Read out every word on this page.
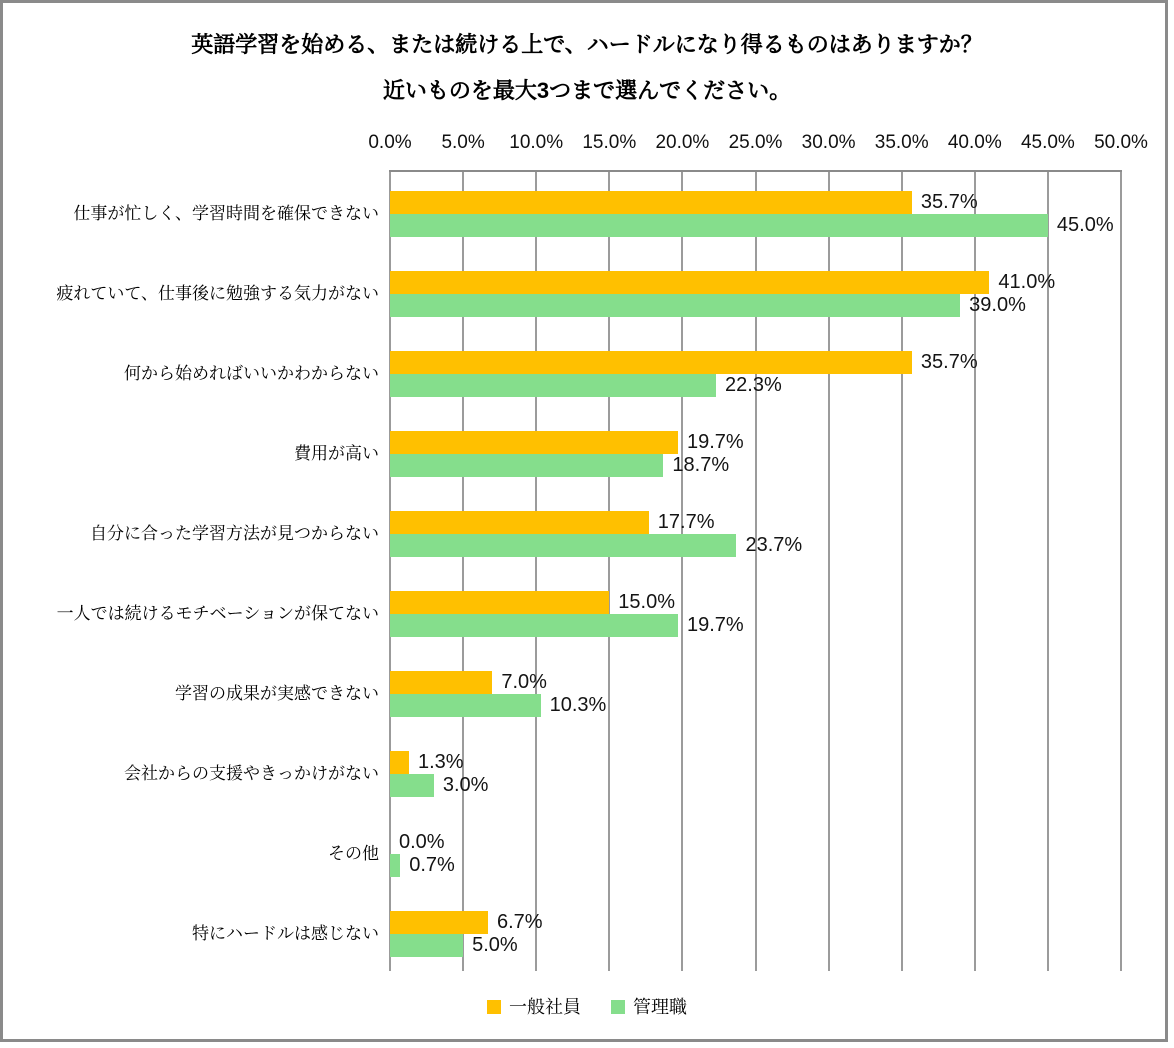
英語学習を始める、または続ける上で、ハードルになり得るものはありますか？
近いものを最大3つまで選んでください。
0.0%	5.0%	10.0%	15.0%	20.0%	25.0%	30.0%	35.0%	40.0%	45.0%	50.0%
35.7%
45.0%
41.0%
39.0%
35.7%
22.3%
19.7%
18.7%
17.7%
23.7%
15.0%
19.7%
7.0%
10.3%
1.3%
3.0%
0.0%
0.7%
6.7%
5.0%
仕事が忙しく、学習時間を確保できない
疲れていて、仕事後に勉強する気力がない
何から始めればいいかわからない
費用が高い
自分に合った学習方法が見つからない
一人では続けるモチベーションが保てない
学習の成果が実感できない
会社からの支援やきっかけがない
その他
特にハードルは感じない
一般社員	管理職
